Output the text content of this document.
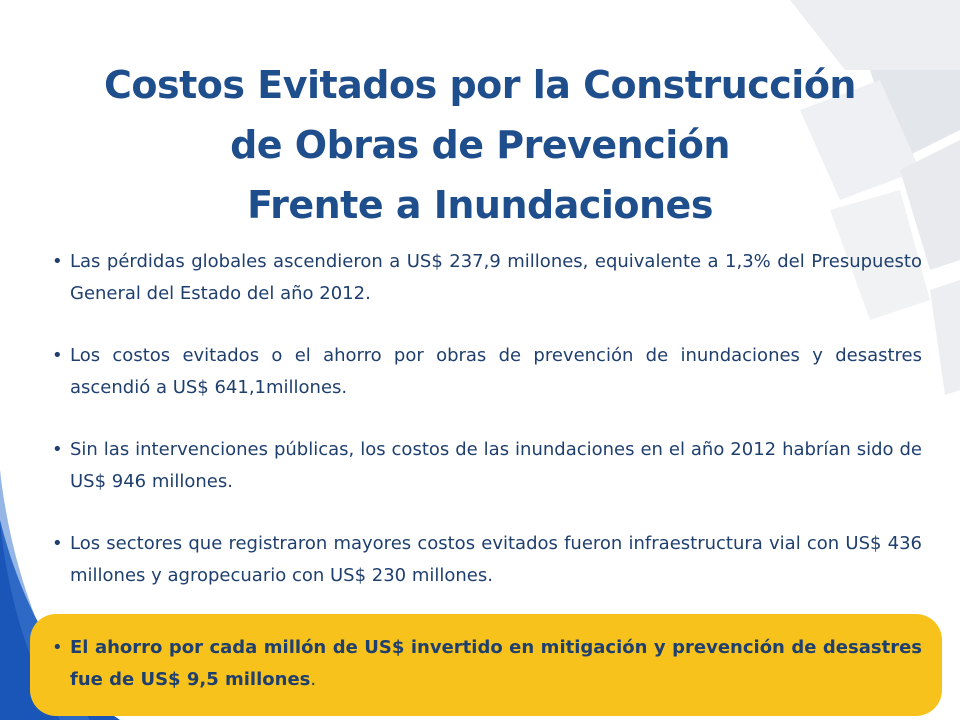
Costos Evitados por la Construcción
de Obras de Prevención
Frente a Inundaciones
• Las pérdidas globales ascendieron a US$ 237,9 millones, equivalente a 1,3% del Presupuesto General del Estado del año 2012.
• Los costos evitados o el ahorro por obras de prevención de inundaciones y desastres ascendió a US$ 641,1millones.
• Sin las intervenciones públicas, los costos de las inundaciones en el año 2012 habrían sido de US$ 946 millones.
• Los sectores que registraron mayores costos evitados fueron infraestructura vial con US$ 436 millones y agropecuario con US$ 230 millones.

• El ahorro por cada millón de US$ invertido en mitigación y prevención de desastres fue de US$ 9,5 millones.
